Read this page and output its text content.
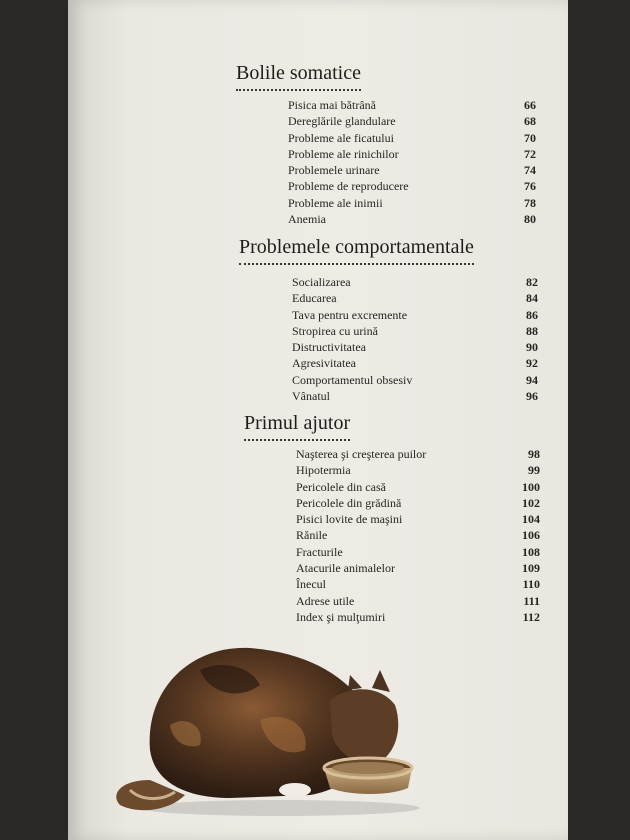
Bolile somatice
Pisica mai bătrână	66
Dereglările glandulare	68
Probleme ale ficatului	70
Probleme ale rinichilor	72
Problemele urinare	74
Probleme de reproducere	76
Probleme ale inimii	78
Anemia	80
Problemele comportamentale
Socializarea	82
Educarea	84
Tava pentru excremente	86
Stropirea cu urină	88
Distructivitatea	90
Agresivitatea	92
Comportamentul obsesiv	94
Vânatul	96
Primul ajutor
Naşterea şi creşterea puilor	98
Hipotermia	99
Pericolele din casă	100
Pericolele din grădină	102
Pisici lovite de maşini	104
Rănile	106
Fracturile	108
Atacurile animalelor	109
Înecul	110
Adrese utile	111
Index şi mulţumiri	112
